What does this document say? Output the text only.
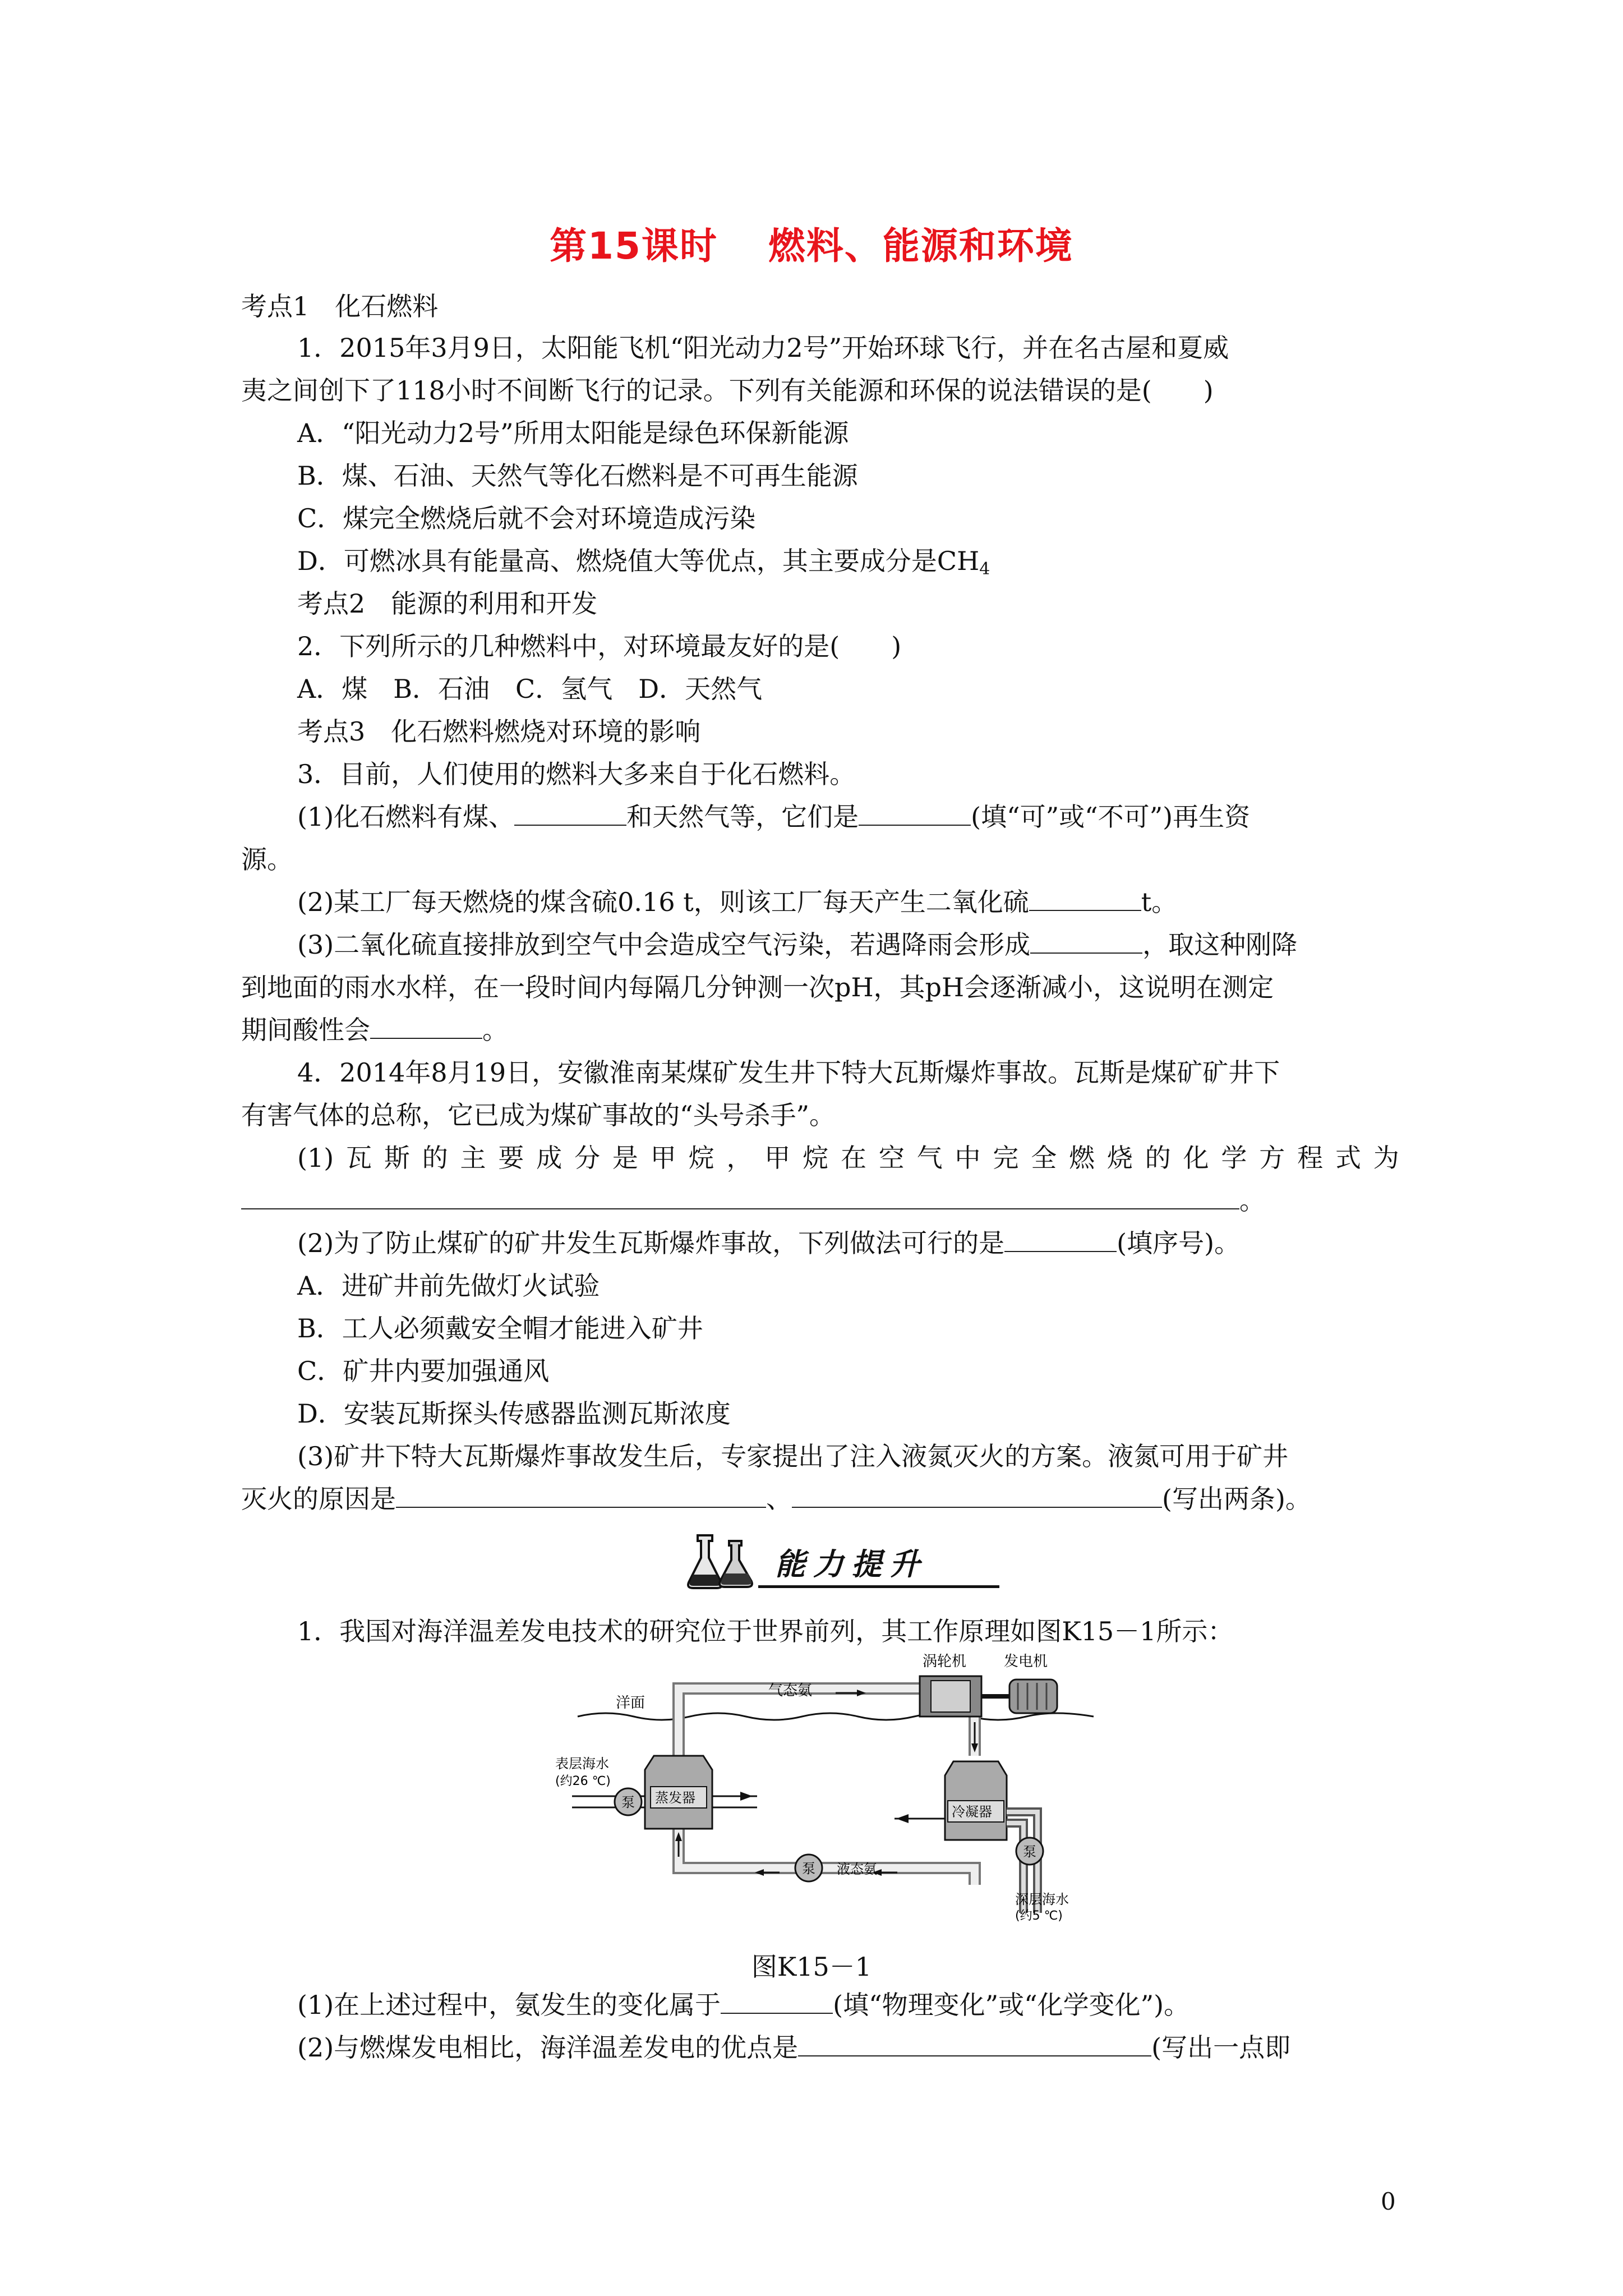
第15课时 燃料、能源和环境
考点1　化石燃料
1．2015年3月9日，太阳能飞机“阳光动力2号”开始环球飞行，并在名古屋和夏威
夷之间创下了118小时不间断飞行的记录。下列有关能源和环保的说法错误的是(　　)
A．“阳光动力2号”所用太阳能是绿色环保新能源
B．煤、石油、天然气等化石燃料是不可再生能源
C．煤完全燃烧后就不会对环境造成污染
D．可燃冰具有能量高、燃烧值大等优点，其主要成分是$CH_4$
考点2　能源的利用和开发
2．下列所示的几种燃料中，对环境最友好的是(　　)
A．煤　B．石油　C．氢气　D．天然气
考点3　化石燃料燃烧对环境的影响
3．目前，人们使用的燃料大多来自于化石燃料。
(1)化石燃料有煤、	和天然气等，它们是	(填“可”或“不可”)再生资
源。
(2)某工厂每天燃烧的煤含硫0.16 t，则该工厂每天产生二氧化硫	t。
(3)二氧化硫直接排放到空气中会造成空气污染，若遇降雨会形成	，取这种刚降
到地面的雨水水样，在一段时间内每隔几分钟测一次pH，其pH会逐渐减小，这说明在测定
期间酸性会	。
4．2014年8月19日，安徽淮南某煤矿发生井下特大瓦斯爆炸事故。瓦斯是煤矿矿井下
有害气体的总称，它已成为煤矿事故的“头号杀手”。
(1) 瓦 斯 的 主 要 成 分 是 甲 烷 ， 甲 烷 在 空 气 中 完 全 燃 烧 的 化 学 方 程 式 为
。
(2)为了防止煤矿的矿井发生瓦斯爆炸事故，下列做法可行的是	(填序号)。
A．进矿井前先做灯火试验
B．工人必须戴安全帽才能进入矿井
C．矿井内要加强通风
D．安装瓦斯探头传感器监测瓦斯浓度
(3)矿井下特大瓦斯爆炸事故发生后，专家提出了注入液氮灭火的方案。液氮可用于矿井
灭火的原因是	、	(写出两条)。
能力提升
1．我国对海洋温差发电技术的研究位于世界前列，其工作原理如图K15－1所示：
涡轮机	发电机
洋面
气态氨
表层海水
(约26 ℃)
泵 蒸发器
冷凝器
泵
泵 液态氨
深层海水
(约5 ℃)
图K15－1
(1)在上述过程中，氨发生的变化属于	(填“物理变化”或“化学变化”)。
(2)与燃煤发电相比，海洋温差发电的优点是	(写出一点即
0
